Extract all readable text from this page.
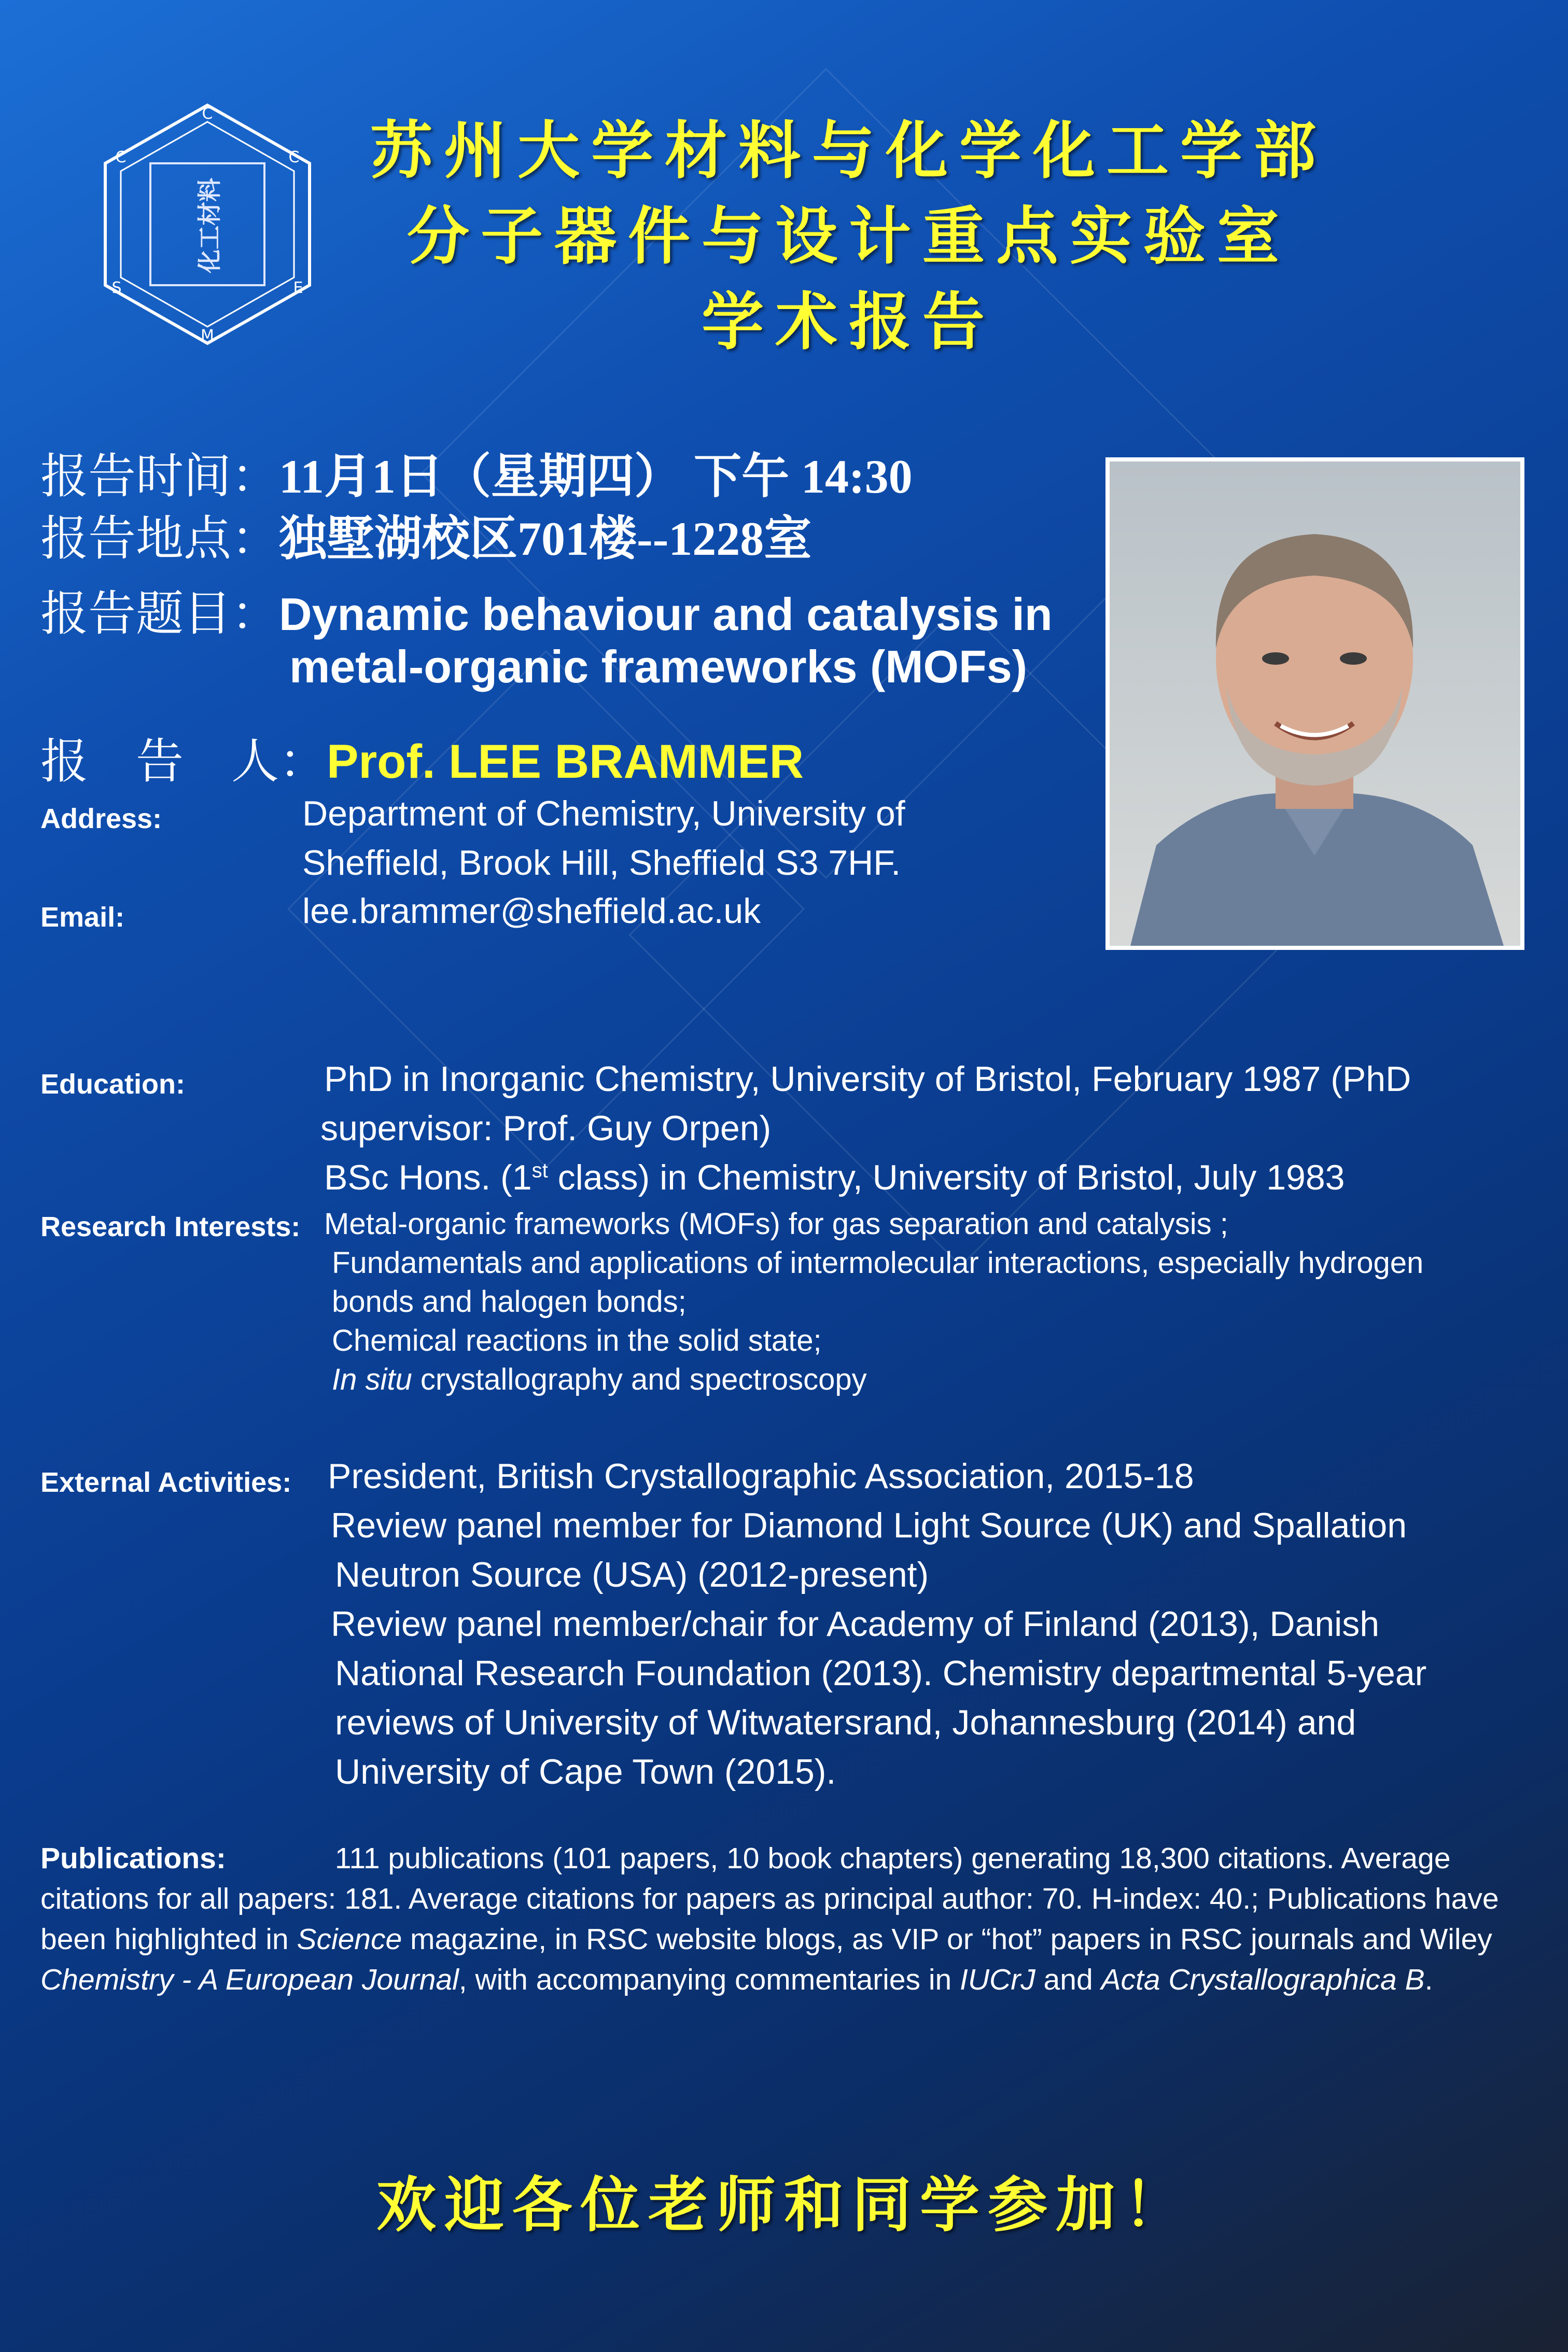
化工材料
C
C
E
M
S
C	苏州大学材料与化学化工学部
分子器件与设计重点实验室
学术报告
报告时间：11月1日（星期四） 下午 14:30
报告地点：独墅湖校区701楼--1228室
报告题目：Dynamic behaviour and catalysis in
metal-organic frameworks (MOFs)
报　告　人：Prof. LEE BRAMMER
Address:	Department of Chemistry, University of
Sheffield, Brook Hill, Sheffield S3 7HF.
Email:	lee.brammer@sheffield.ac.uk
Education:	PhD in Inorganic Chemistry, University of Bristol, February 1987 (PhD
supervisor: Prof. Guy Orpen)
BSc Hons. (1st class) in Chemistry, University of Bristol, July 1983
Research Interests: Metal-organic frameworks (MOFs) for gas separation and catalysis ;
Fundamentals and applications of intermolecular interactions, especially hydrogen
bonds and halogen bonds;
Chemical reactions in the solid state;
In situ crystallography and spectroscopy
External Activities: President, British Crystallographic Association, 2015-18
Review panel member for Diamond Light Source (UK) and Spallation
Neutron Source (USA) (2012-present)
Review panel member/chair for Academy of Finland (2013), Danish
National Research Foundation (2013). Chemistry departmental 5-year
reviews of University of Witwatersrand, Johannesburg (2014) and
University of Cape Town (2015).
Publications:	111 publications (101 papers, 10 book chapters) generating 18,300 citations. Average citations for all papers: 181. Average citations for papers as principal author: 70. H-index: 40.; Publications have been highlighted in Science magazine, in RSC website blogs, as VIP or “hot” papers in RSC journals and Wiley Chemistry - A European Journal, with accompanying commentaries in IUCrJ and Acta Crystallographica B.
欢迎各位老师和同学参加！
